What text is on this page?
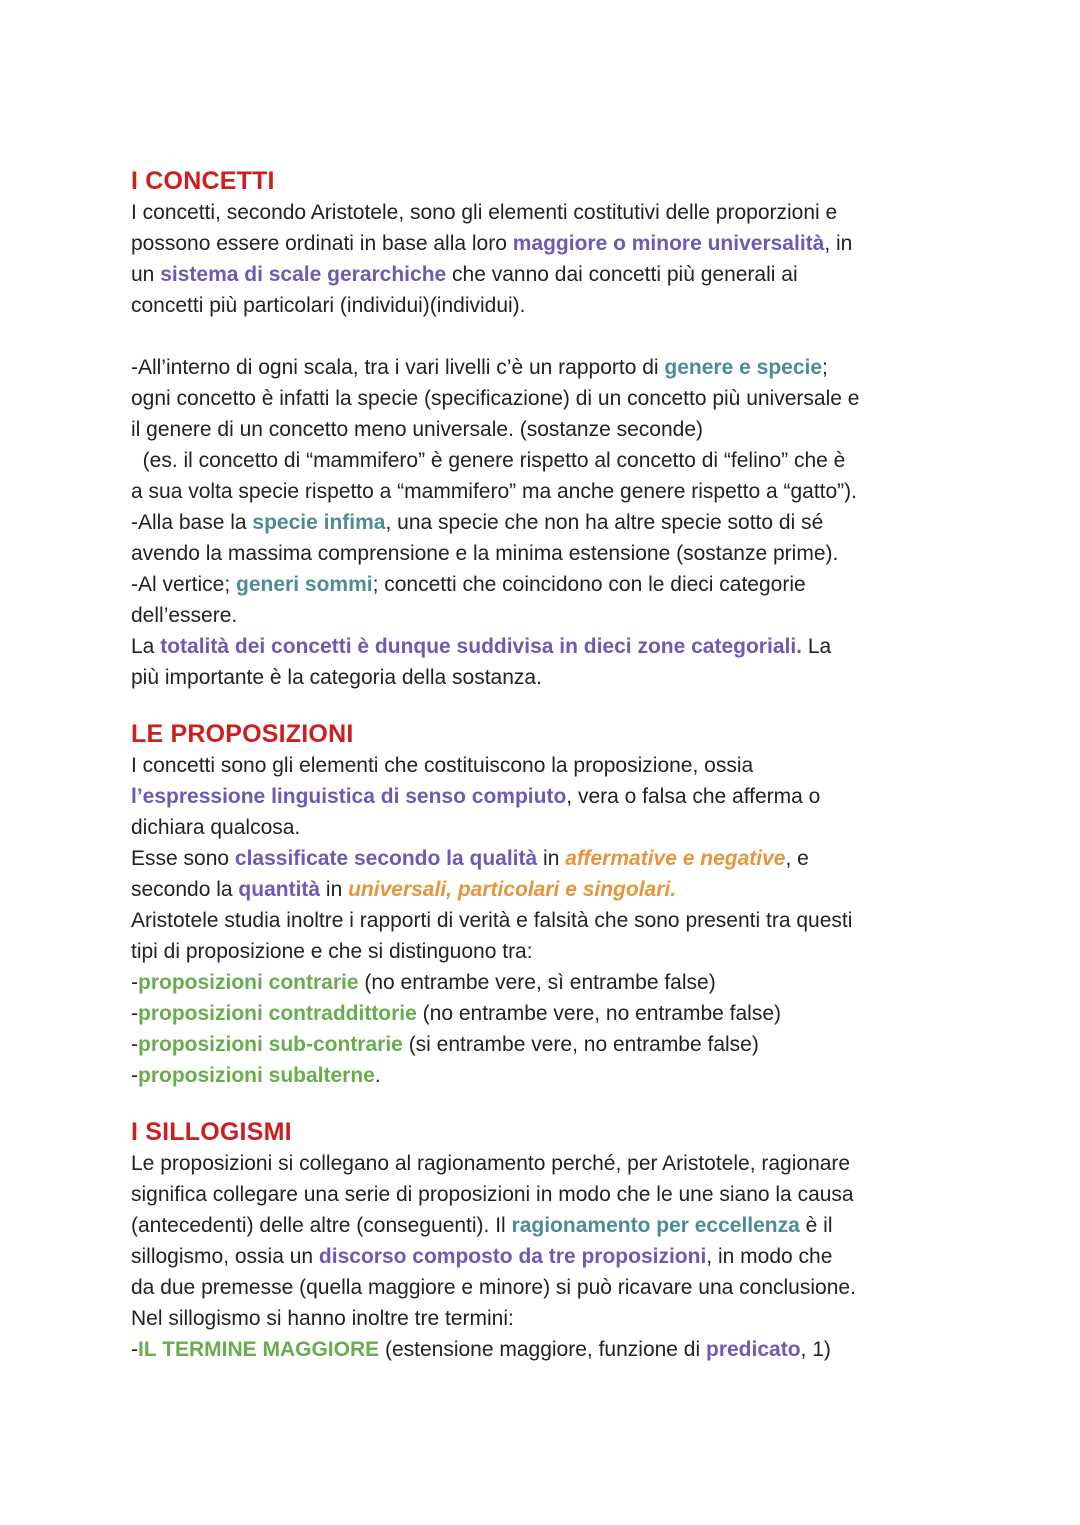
I CONCETTI
I concetti, secondo Aristotele, sono gli elementi costitutivi delle proporzioni e
possono essere ordinati in base alla loro maggiore o minore universalità, in
un sistema di scale gerarchiche che vanno dai concetti più generali ai
concetti più particolari (individui)(individui).
-All’interno di ogni scala, tra i vari livelli c’è un rapporto di genere e specie;
ogni concetto è infatti la specie (specificazione) di un concetto più universale e
il genere di un concetto meno universale. (sostanze seconde)
(es. il concetto di “mammifero” è genere rispetto al concetto di “felino” che è
a sua volta specie rispetto a “mammifero” ma anche genere rispetto a “gatto”).
-Alla base la specie infima, una specie che non ha altre specie sotto di sé
avendo la massima comprensione e la minima estensione (sostanze prime).
-Al vertice; generi sommi; concetti che coincidono con le dieci categorie
dell’essere.
La totalità dei concetti è dunque suddivisa in dieci zone categoriali. La
più importante è la categoria della sostanza.
LE PROPOSIZIONI
I concetti sono gli elementi che costituiscono la proposizione, ossia
l’espressione linguistica di senso compiuto, vera o falsa che afferma o
dichiara qualcosa.
Esse sono classificate secondo la qualità in affermative e negative, e
secondo la quantità in universali, particolari e singolari.
Aristotele studia inoltre i rapporti di verità e falsità che sono presenti tra questi
tipi di proposizione e che si distinguono tra:
-proposizioni contrarie (no entrambe vere, sì entrambe false)
-proposizioni contraddittorie (no entrambe vere, no entrambe false)
-proposizioni sub-contrarie (si entrambe vere, no entrambe false)
-proposizioni subalterne.
I SILLOGISMI
Le proposizioni si collegano al ragionamento perché, per Aristotele, ragionare
significa collegare una serie di proposizioni in modo che le une siano la causa
(antecedenti) delle altre (conseguenti). Il ragionamento per eccellenza è il
sillogismo, ossia un discorso composto da tre proposizioni, in modo che
da due premesse (quella maggiore e minore) si può ricavare una conclusione.
Nel sillogismo si hanno inoltre tre termini:
-IL TERMINE MAGGIORE (estensione maggiore, funzione di predicato, 1)
